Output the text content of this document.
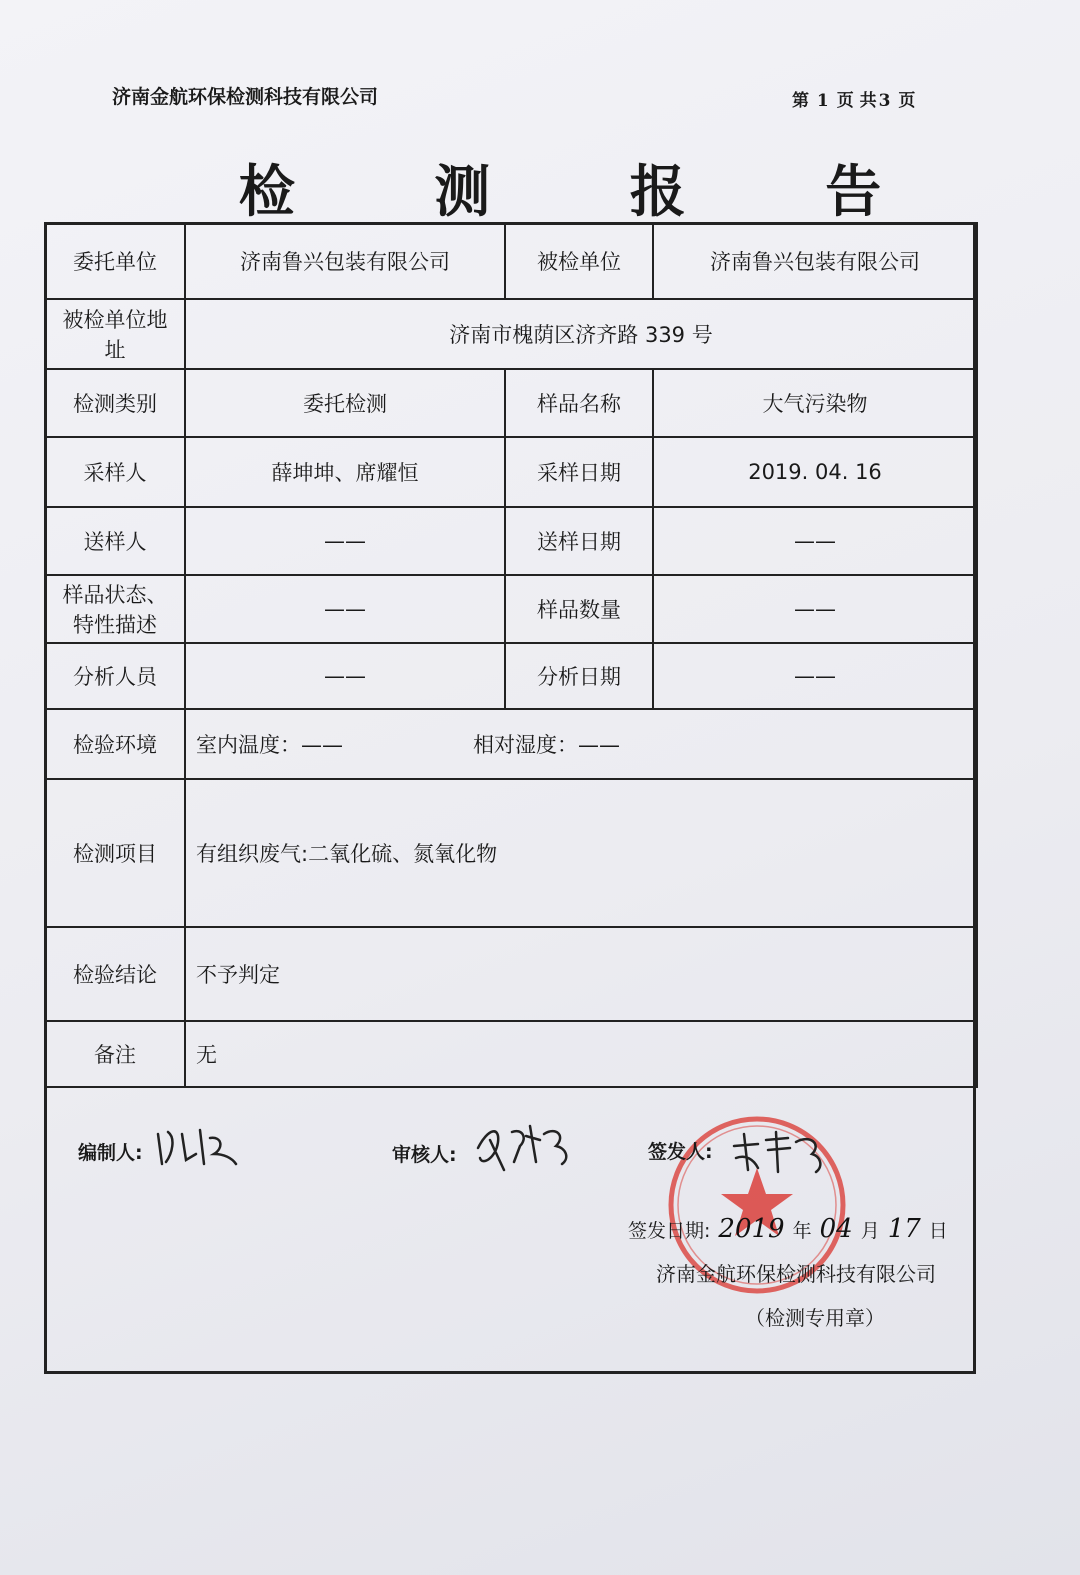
济南金航环保检测科技有限公司	第 1 页 共 3 页
检 测 报 告
委托单位	济南鲁兴包装有限公司	被检单位	济南鲁兴包装有限公司

被检单位地
址	济南市槐荫区济齐路 339 号		
检测类别	委托检测	样品名称	大气污染物
采样人	薛坤坤、席耀恒	采样日期	2019. 04. 16
送样人	——	送样日期	——

样品状态、
特性描述	——	样品数量	——
分析人员	——	分析日期	——
检验环境	室内温度：—— 相对湿度：——		
检测项目	有组织废气:二氧化硫、氮氧化物		
检验结论	不予判定		
备注	无		
编制人:	审核人:	签发人:
签发日期: 2019 年 04 月 17 日
济南金航环保检测科技有限公司
（检测专用章）
